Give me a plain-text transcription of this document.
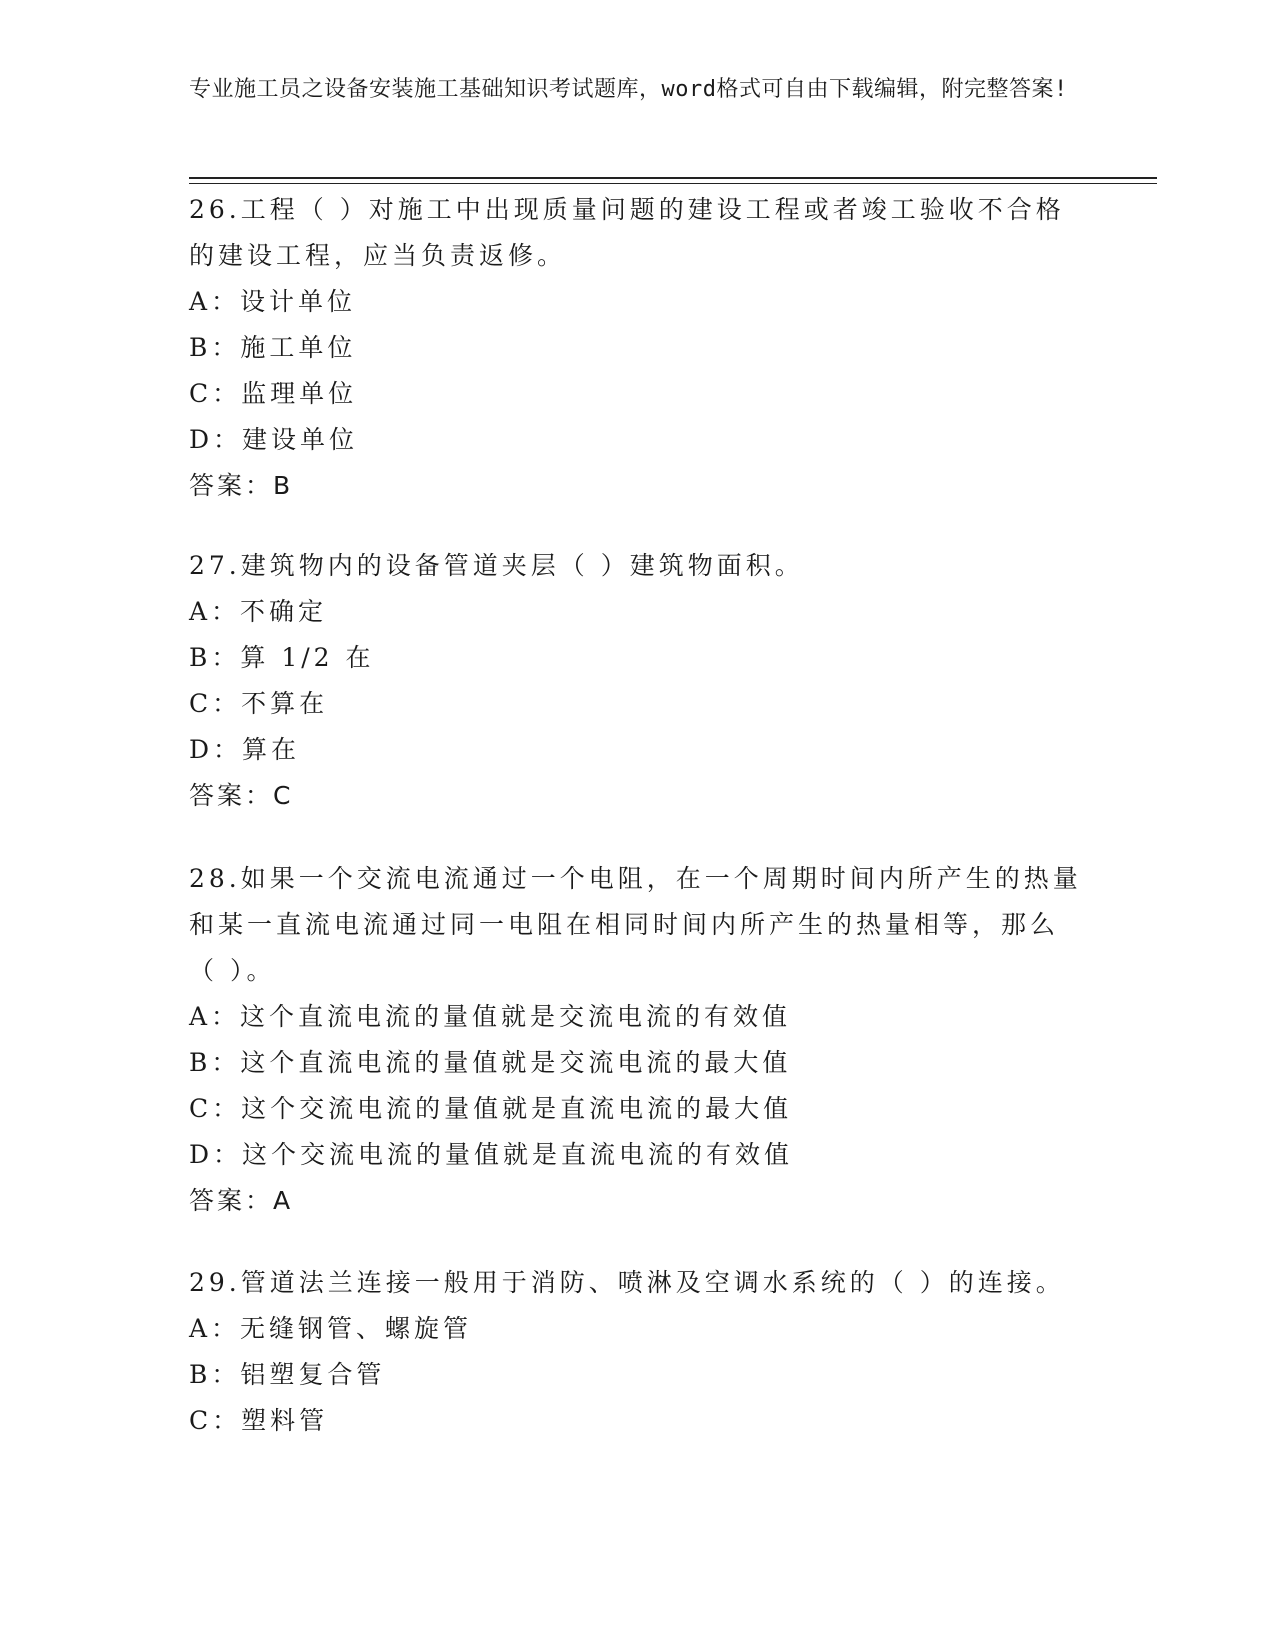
专业施工员之设备安装施工基础知识考试题库，word格式可自由下载编辑，附完整答案!
26.工程（ ）对施工中出现质量问题的建设工程或者竣工验收不合格
的建设工程，应当负责返修。
A：设计单位
B：施工单位
C：监理单位
D：建设单位
答案：B
27.建筑物内的设备管道夹层（ ）建筑物面积。
A：不确定
B：算 1/2 在
C：不算在
D：算在
答案：C
28.如果一个交流电流通过一个电阻，在一个周期时间内所产生的热量
和某一直流电流通过同一电阻在相同时间内所产生的热量相等，那么
（ ）。
A：这个直流电流的量值就是交流电流的有效值
B：这个直流电流的量值就是交流电流的最大值
C：这个交流电流的量值就是直流电流的最大值
D：这个交流电流的量值就是直流电流的有效值
答案：A
29.管道法兰连接一般用于消防、喷淋及空调水系统的（ ）的连接。
A：无缝钢管、螺旋管
B：铝塑复合管
C：塑料管
